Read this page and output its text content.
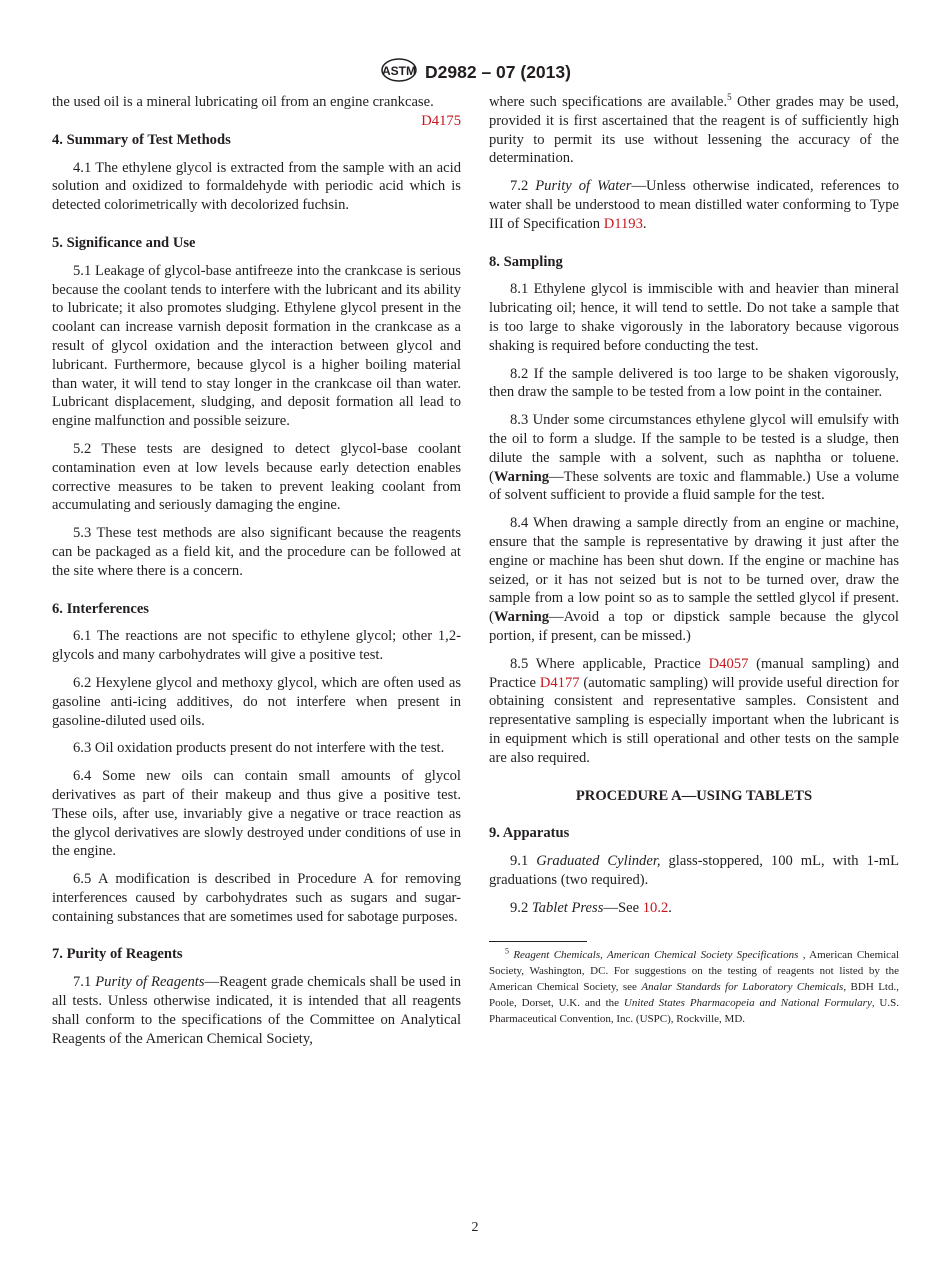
ASTM D2982 – 07 (2013)
the used oil is a mineral lubricating oil from an engine crankcase.
D4175
4. Summary of Test Methods
4.1 The ethylene glycol is extracted from the sample with an acid solution and oxidized to formaldehyde with periodic acid which is detected colorimetrically with decolorized fuchsin.
5. Significance and Use
5.1 Leakage of glycol-base antifreeze into the crankcase is serious because the coolant tends to interfere with the lubricant and its ability to lubricate; it also promotes sludging. Ethylene glycol present in the coolant can increase varnish deposit formation in the crankcase as a result of glycol oxidation and the interaction between glycol and lubricant. Furthermore, because glycol is a higher boiling material than water, it will tend to stay longer in the crankcase oil than water. Lubricant displacement, sludging, and deposit formation all lead to engine malfunction and possible seizure.
5.2 These tests are designed to detect glycol-base coolant contamination even at low levels because early detection enables corrective measures to be taken to prevent leaking coolant from accumulating and seriously damaging the engine.
5.3 These test methods are also significant because the reagents can be packaged as a field kit, and the procedure can be followed at the site where there is a concern.
6. Interferences
6.1 The reactions are not specific to ethylene glycol; other 1,2-glycols and many carbohydrates will give a positive test.
6.2 Hexylene glycol and methoxy glycol, which are often used as gasoline anti-icing additives, do not interfere when present in gasoline-diluted used oils.
6.3 Oil oxidation products present do not interfere with the test.
6.4 Some new oils can contain small amounts of glycol derivatives as part of their makeup and thus give a positive test. These oils, after use, invariably give a negative or trace reaction as the glycol derivatives are slowly destroyed under conditions of use in the engine.
6.5 A modification is described in Procedure A for removing interferences caused by carbohydrates such as sugars and sugar-containing substances that are sometimes used for sabotage purposes.
7. Purity of Reagents
7.1 Purity of Reagents—Reagent grade chemicals shall be used in all tests. Unless otherwise indicated, it is intended that all reagents shall conform to the specifications of the Committee on Analytical Reagents of the American Chemical Society,
where such specifications are available.$^5$ Other grades may be used, provided it is first ascertained that the reagent is of sufficiently high purity to permit its use without lessening the accuracy of the determination.
7.2 Purity of Water—Unless otherwise indicated, references to water shall be understood to mean distilled water conforming to Type III of Specification D1193.
8. Sampling
8.1 Ethylene glycol is immiscible with and heavier than mineral lubricating oil; hence, it will tend to settle. Do not take a sample that is too large to shake vigorously in the laboratory because vigorous shaking is required before conducting the test.
8.2 If the sample delivered is too large to be shaken vigorously, then draw the sample to be tested from a low point in the container.
8.3 Under some circumstances ethylene glycol will emulsify with the oil to form a sludge. If the sample to be tested is a sludge, then dilute the sample with a solvent, such as naphtha or toluene. (Warning—These solvents are toxic and flammable.) Use a volume of solvent sufficient to provide a fluid sample for the test.
8.4 When drawing a sample directly from an engine or machine, ensure that the sample is representative by drawing it just after the engine or machine has been shut down. If the engine or machine has seized, or it has not seized but is not to be turned over, draw the sample from a low point so as to sample the settled glycol if present. (Warning—Avoid a top or dipstick sample because the glycol portion, if present, can be missed.)
8.5 Where applicable, Practice D4057 (manual sampling) and Practice D4177 (automatic sampling) will provide useful direction for obtaining consistent and representative samples. Consistent and representative sampling is especially important when the lubricant is in equipment which is still operational and other tests on the sample are also required.
PROCEDURE A—USING TABLETS
9. Apparatus
9.1 Graduated Cylinder, glass-stoppered, 100 mL, with 1-mL graduations (two required).
9.2 Tablet Press—See 10.2.
$^5$ Reagent Chemicals, American Chemical Society Specifications , American Chemical Society, Washington, DC. For suggestions on the testing of reagents not listed by the American Chemical Society, see Analar Standards for Laboratory Chemicals, BDH Ltd., Poole, Dorset, U.K. and the United States Pharmacopeia and National Formulary, U.S. Pharmaceutical Convention, Inc. (USPC), Rockville, MD.
2
